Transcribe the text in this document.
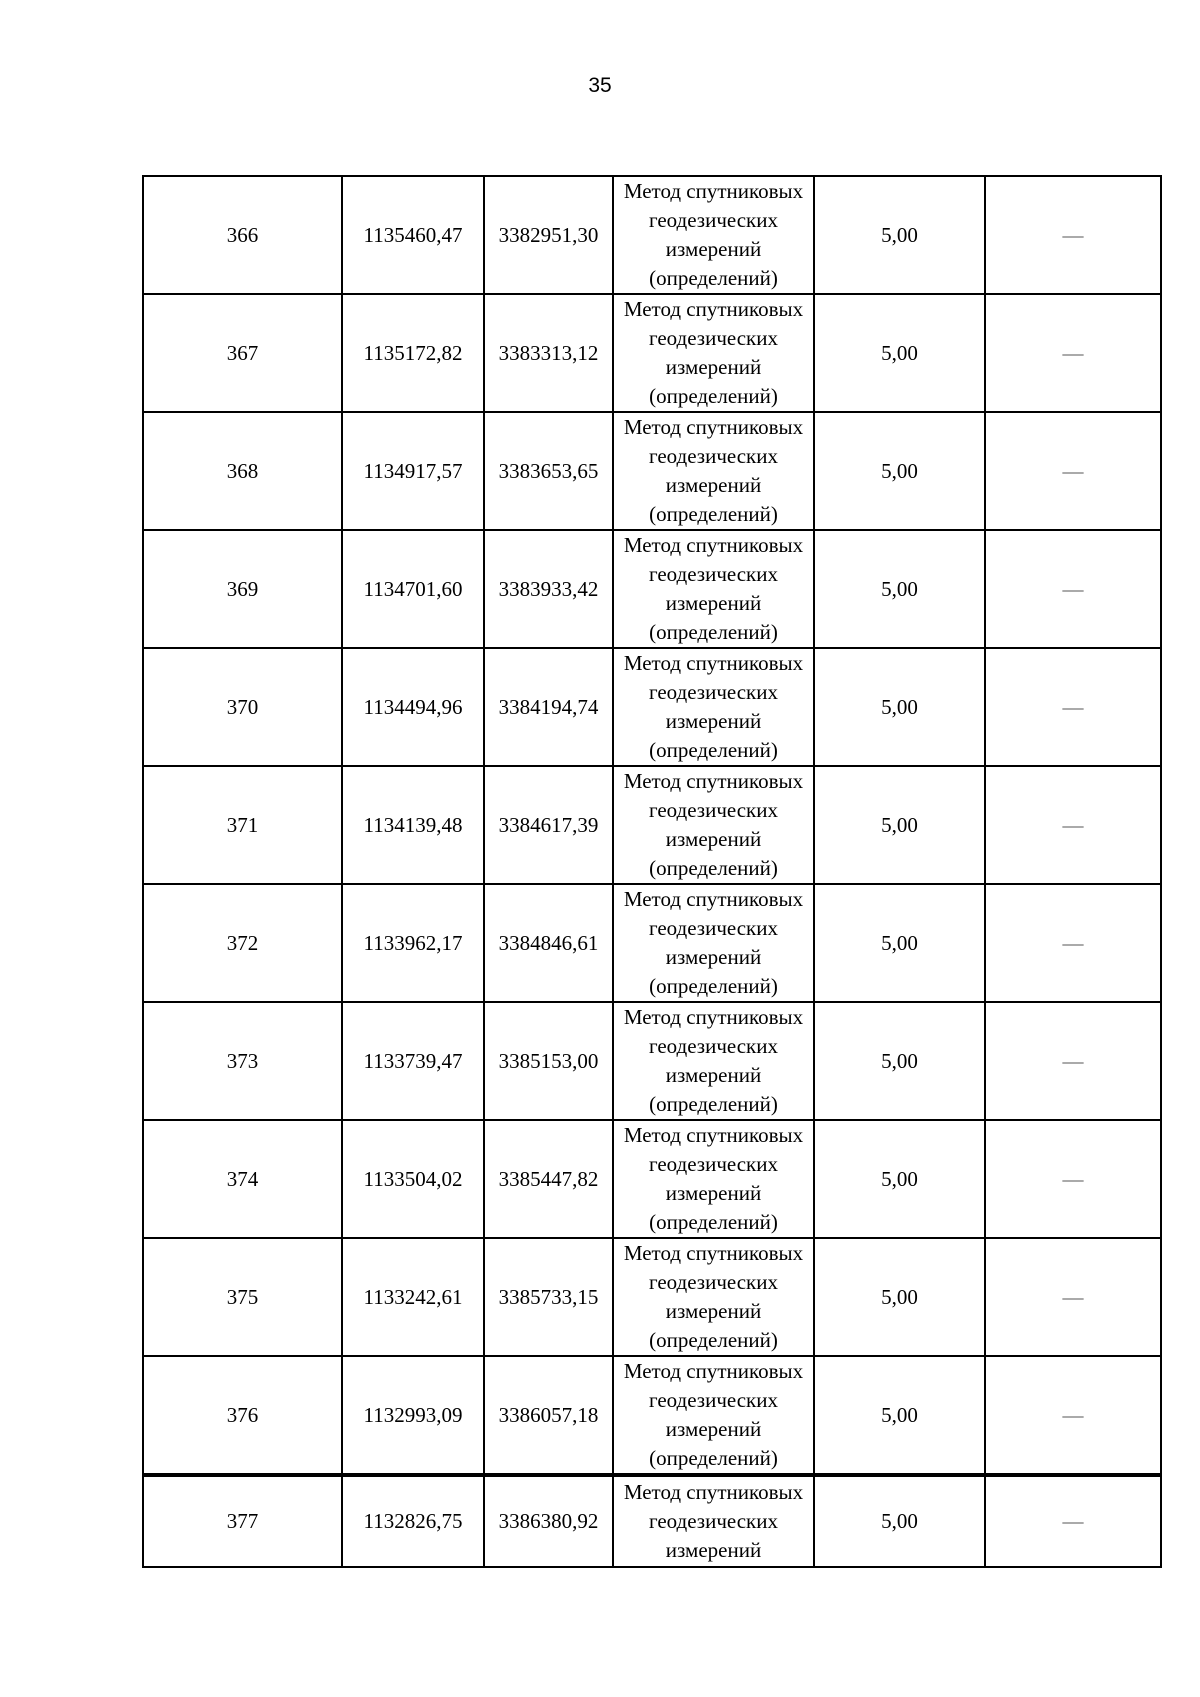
35
366	1135460,47	3382951,30	Метод спутниковых
геодезических
измерений
(определений)	5,00	—
367	1135172,82	3383313,12	Метод спутниковых
геодезических
измерений
(определений)	5,00	—
368	1134917,57	3383653,65	Метод спутниковых
геодезических
измерений
(определений)	5,00	—
369	1134701,60	3383933,42	Метод спутниковых
геодезических
измерений
(определений)	5,00	—
370	1134494,96	3384194,74	Метод спутниковых
геодезических
измерений
(определений)	5,00	—
371	1134139,48	3384617,39	Метод спутниковых
геодезических
измерений
(определений)	5,00	—
372	1133962,17	3384846,61	Метод спутниковых
геодезических
измерений
(определений)	5,00	—
373	1133739,47	3385153,00	Метод спутниковых
геодезических
измерений
(определений)	5,00	—
374	1133504,02	3385447,82	Метод спутниковых
геодезических
измерений
(определений)	5,00	—
375	1133242,61	3385733,15	Метод спутниковых
геодезических
измерений
(определений)	5,00	—
376	1132993,09	3386057,18	Метод спутниковых
геодезических
измерений
(определений)	5,00	—
377	1132826,75	3386380,92	Метод спутниковых
геодезических
измерений	5,00	—
